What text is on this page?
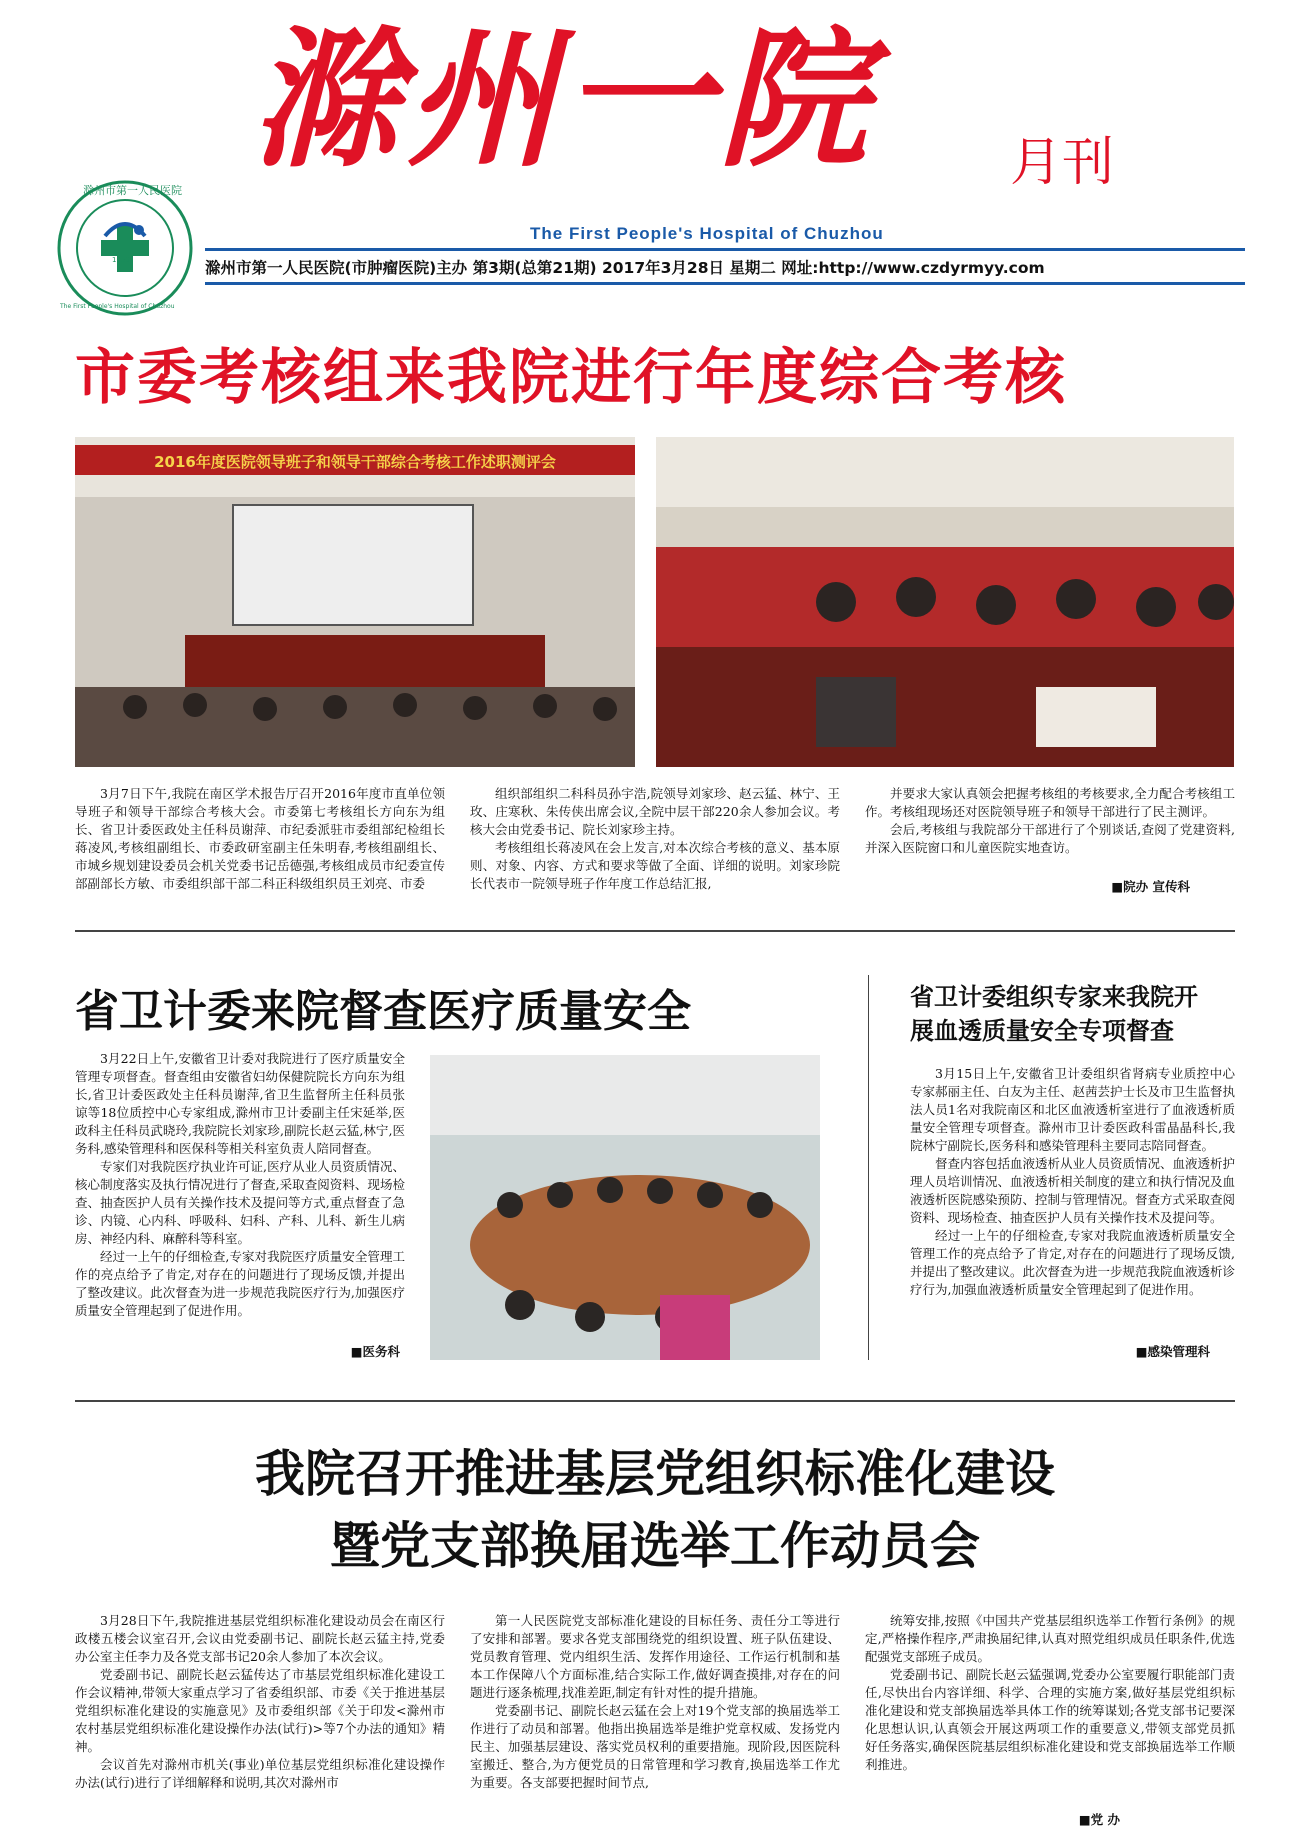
滁州一院	月刊
滁州市第一人民医院
The First People's Hospital of Chuzhou
1953
The First People's Hospital of Chuzhou
滁州市第一人民医院(市肿瘤医院)主办 第3期(总第21期) 2017年3月28日 星期二 网址:http://www.czdyrmyy.com
市委考核组来我院进行年度综合考核
2016年度医院领导班子和领导干部综合考核工作述职测评会

3月7日下午,我院在南区学术报告厅召开2016年度市直单位领导班子和领导干部综合考核大会。市委第七考核组长方向东为组长、省卫计委医政处主任科员谢萍、市纪委派驻市委组部纪检组长蒋凌风,考核组副组长、市委政研室副主任朱明春,考核组副组长、市城乡规划建设委员会机关党委书记岳德强,考核组成员市纪委宣传部副部长方敏、市委组织部干部二科正科级组织员王刘亮、市委

组织部组织二科科员孙宇浩,院领导刘家珍、赵云猛、林宁、王玫、庄寒秋、朱传侠出席会议,全院中层干部220余人参加会议。考核大会由党委书记、院长刘家珍主持。

考核组组长蒋凌风在会上发言,对本次综合考核的意义、基本原则、对象、内容、方式和要求等做了全面、详细的说明。刘家珍院长代表市一院领导班子作年度工作总结汇报,

并要求大家认真领会把握考核组的考核要求,全力配合考核组工作。考核组现场还对医院领导班子和领导干部进行了民主测评。

会后,考核组与我院部分干部进行了个别谈话,查阅了党建资料,并深入医院窗口和儿童医院实地查访。

■院办 宣传科
省卫计委来院督查医疗质量安全

3月22日上午,安徽省卫计委对我院进行了医疗质量安全管理专项督查。督查组由安徽省妇幼保健院院长方向东为组长,省卫计委医政处主任科员谢萍,省卫生监督所主任科员张谅等18位质控中心专家组成,滁州市卫计委副主任宋延举,医政科主任科员武晓玲,我院院长刘家珍,副院长赵云猛,林宁,医务科,感染管理科和医保科等相关科室负责人陪同督查。

专家们对我院医疗执业许可证,医疗从业人员资质情况、核心制度落实及执行情况进行了督查,采取查阅资料、现场检查、抽查医护人员有关操作技术及提问等方式,重点督查了急诊、内镜、心内科、呼吸科、妇科、产科、儿科、新生儿病房、神经内科、麻醉科等科室。

经过一上午的仔细检查,专家对我院医疗质量安全管理工作的亮点给予了肯定,对存在的问题进行了现场反馈,并提出了整改建议。此次督查为进一步规范我院医疗行为,加强医疗质量安全管理起到了促进作用。

■医务科
省卫计委组织专家来我院开
展血透质量安全专项督查

3月15日上午,安徽省卫计委组织省肾病专业质控中心专家郝丽主任、白友为主任、赵茜芸护士长及市卫生监督执法人员1名对我院南区和北区血液透析室进行了血液透析质量安全管理专项督查。滁州市卫计委医政科雷晶晶科长,我院林宁副院长,医务科和感染管理科主要同志陪同督查。

督查内容包括血液透析从业人员资质情况、血液透析护理人员培训情况、血液透析相关制度的建立和执行情况及血液透析医院感染预防、控制与管理情况。督查方式采取查阅资料、现场检查、抽查医护人员有关操作技术及提问等。

经过一上午的仔细检查,专家对我院血液透析质量安全管理工作的亮点给予了肯定,对存在的问题进行了现场反馈,并提出了整改建议。此次督查为进一步规范我院血液透析诊疗行为,加强血液透析质量安全管理起到了促进作用。

■感染管理科
我院召开推进基层党组织标准化建设
暨党支部换届选举工作动员会

3月28日下午,我院推进基层党组织标准化建设动员会在南区行政楼五楼会议室召开,会议由党委副书记、副院长赵云猛主持,党委办公室主任李力及各党支部书记20余人参加了本次会议。

党委副书记、副院长赵云猛传达了市基层党组织标准化建设工作会议精神,带领大家重点学习了省委组织部、市委《关于推进基层党组织标准化建设的实施意见》及市委组织部《关于印发<滁州市农村基层党组织标准化建设操作办法(试行)>等7个办法的通知》精神。

会议首先对滁州市机关(事业)单位基层党组织标准化建设操作办法(试行)进行了详细解释和说明,其次对滁州市

第一人民医院党支部标准化建设的目标任务、责任分工等进行了安排和部署。要求各党支部围绕党的组织设置、班子队伍建设、党员教育管理、党内组织生活、发挥作用途径、工作运行机制和基本工作保障八个方面标准,结合实际工作,做好调查摸排,对存在的问题进行逐条梳理,找准差距,制定有针对性的提升措施。

党委副书记、副院长赵云猛在会上对19个党支部的换届选举工作进行了动员和部署。他指出换届选举是维护党章权威、发扬党内民主、加强基层建设、落实党员权利的重要措施。现阶段,因医院科室搬迁、整合,为方便党员的日常管理和学习教育,换届选举工作尤为重要。各支部要把握时间节点,

统筹安排,按照《中国共产党基层组织选举工作暂行条例》的规定,严格操作程序,严肃换届纪律,认真对照党组织成员任职条件,优选配强党支部班子成员。

党委副书记、副院长赵云猛强调,党委办公室要履行职能部门责任,尽快出台内容详细、科学、合理的实施方案,做好基层党组织标准化建设和党支部换届选举具体工作的统筹谋划;各党支部书记要深化思想认识,认真领会开展这两项工作的重要意义,带领支部党员抓好任务落实,确保医院基层组织标准化建设和党支部换届选举工作顺利推进。

■党 办
